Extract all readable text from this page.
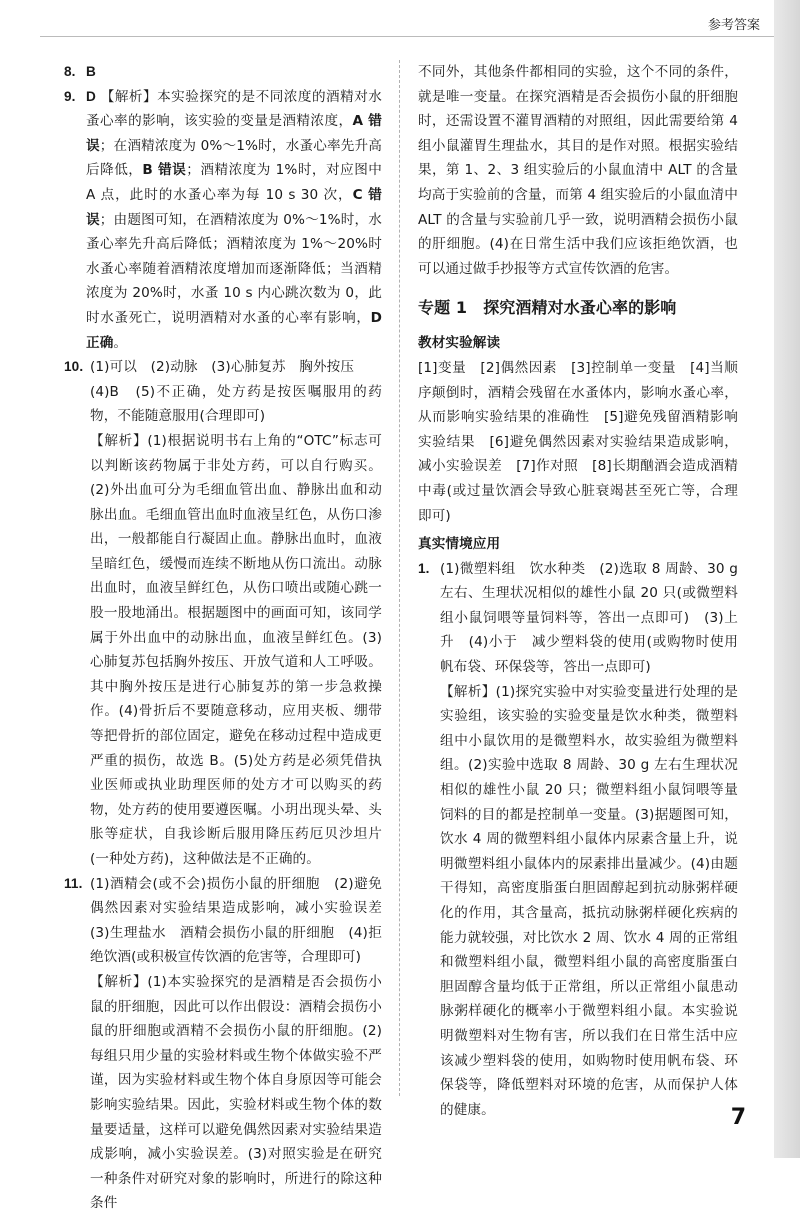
参考答案
8. B
9. D 【解析】本实验探究的是不同浓度的酒精对水蚤心率的影响，该实验的变量是酒精浓度，A 错误；在酒精浓度为 0%～1%时，水蚤心率先升高后降低，B 错误；酒精浓度为 1%时，对应图中 A 点，此时的水蚤心率为每 10 s 30 次，C 错误；由题图可知，在酒精浓度为 0%～1%时，水蚤心率先升高后降低；酒精浓度为 1%～20%时水蚤心率随着酒精浓度增加而逐渐降低；当酒精浓度为 20%时，水蚤 10 s 内心跳次数为 0，此时水蚤死亡，说明酒精对水蚤的心率有影响，D 正确。
10. (1)可以　(2)动脉　(3)心肺复苏　胸外按压

(4)B　(5)不正确，处方药是按医嘱服用的药物，不能随意服用(合理即可)

【解析】(1)根据说明书右上角的“OTC”标志可以判断该药物属于非处方药，可以自行购买。(2)外出血可分为毛细血管出血、静脉出血和动脉出血。毛细血管出血时血液呈红色，从伤口渗出，一般都能自行凝固止血。静脉出血时，血液呈暗红色，缓慢而连续不断地从伤口流出。动脉出血时，血液呈鲜红色，从伤口喷出或随心跳一股一股地涌出。根据题图中的画面可知，该同学属于外出血中的动脉出血，血液呈鲜红色。(3)心肺复苏包括胸外按压、开放气道和人工呼吸。其中胸外按压是进行心肺复苏的第一步急救操作。(4)骨折后不要随意移动，应用夹板、绷带等把骨折的部位固定，避免在移动过程中造成更严重的损伤，故选 B。(5)处方药是必须凭借执业医师或执业助理医师的处方才可以购买的药物，处方药的使用要遵医嘱。小玥出现头晕、头胀等症状，自我诊断后服用降压药厄贝沙坦片(一种处方药)，这种做法是不正确的。

11. (1)酒精会(或不会)损伤小鼠的肝细胞　(2)避免偶然因素对实验结果造成影响，减小实验误差　(3)生理盐水　酒精会损伤小鼠的肝细胞　(4)拒绝饮酒(或积极宣传饮酒的危害等，合理即可)

【解析】(1)本实验探究的是酒精是否会损伤小鼠的肝细胞，因此可以作出假设：酒精会损伤小鼠的肝细胞或酒精不会损伤小鼠的肝细胞。(2)每组只用少量的实验材料或生物个体做实验不严谨，因为实验材料或生物个体自身原因等可能会影响实验结果。因此，实验材料或生物个体的数量要适量，这样可以避免偶然因素对实验结果造成影响，减小实验误差。(3)对照实验是在研究一种条件对研究对象的影响时，所进行的除这种条件

不同外，其他条件都相同的实验，这个不同的条件，就是唯一变量。在探究酒精是否会损伤小鼠的肝细胞时，还需设置不灌胃酒精的对照组，因此需要给第 4 组小鼠灌胃生理盐水，其目的是作对照。根据实验结果，第 1、2、3 组实验后的小鼠血清中 ALT 的含量均高于实验前的含量，而第 4 组实验后的小鼠血清中 ALT 的含量与实验前几乎一致，说明酒精会损伤小鼠的肝细胞。(4)在日常生活中我们应该拒绝饮酒，也可以通过做手抄报等方式宣传饮酒的危害。

专题 1　探究酒精对水蚤心率的影响
教材实验解读

[1]变量　[2]偶然因素　[3]控制单一变量　[4]当顺序颠倒时，酒精会残留在水蚤体内，影响水蚤心率，从而影响实验结果的准确性　[5]避免残留酒精影响实验结果　[6]避免偶然因素对实验结果造成影响，减小实验误差　[7]作对照　[8]长期酗酒会造成酒精中毒(或过量饮酒会导致心脏衰竭甚至死亡等，合理即可)

真实情境应用
1. (1)微塑料组　饮水种类　(2)选取 8 周龄、30 g 左右、生理状况相似的雄性小鼠 20 只(或微塑料组小鼠饲喂等量饲料等，答出一点即可)　(3)上升　(4)小于　减少塑料袋的使用(或购物时使用帆布袋、环保袋等，答出一点即可)

【解析】(1)探究实验中对实验变量进行处理的是实验组，该实验的实验变量是饮水种类，微塑料组中小鼠饮用的是微塑料水，故实验组为微塑料组。(2)实验中选取 8 周龄、30 g 左右生理状况相似的雄性小鼠 20 只；微塑料组小鼠饲喂等量饲料的目的都是控制单一变量。(3)据题图可知，饮水 4 周的微塑料组小鼠体内尿素含量上升，说明微塑料组小鼠体内的尿素排出量减少。(4)由题干得知，高密度脂蛋白胆固醇起到抗动脉粥样硬化的作用，其含量高，抵抗动脉粥样硬化疾病的能力就较强，对比饮水 2 周、饮水 4 周的正常组和微塑料组小鼠，微塑料组小鼠的高密度脂蛋白胆固醇含量均低于正常组，所以正常组小鼠患动脉粥样硬化的概率小于微塑料组小鼠。本实验说明微塑料对生物有害，所以我们在日常生活中应该减少塑料袋的使用，如购物时使用帆布袋、环保袋等，降低塑料对环境的危害，从而保护人体的健康。	7
